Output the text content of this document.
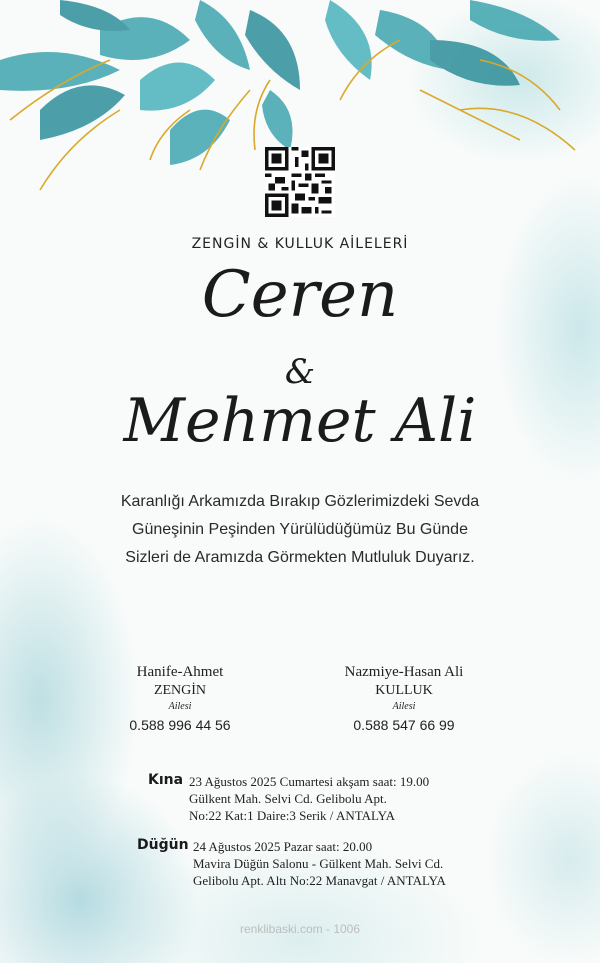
ZENGİN & KULLUK AİLELERİ
Ceren
&
Mehmet Ali
Karanlığı Arkamızda Bırakıp Gözlerimizdeki Sevda
Güneşinin Peşinden Yürülüdüğümüz Bu Günde
Sizleri de Aramızda Görmekten Mutluluk Duyarız.
Hanife-Ahmet
ZENGİN
Ailesi
0.588 996 44 56
Nazmiye-Hasan Ali
KULLUK
Ailesi
0.588 547 66 99
Kına 23 Ağustos 2025 Cumartesi akşam saat: 19.00
Gülkent Mah. Selvi Cd. Gelibolu Apt.
No:22 Kat:1 Daire:3 Serik / ANTALYA
Düğün 24 Ağustos 2025 Pazar saat: 20.00
Mavira Düğün Salonu - Gülkent Mah. Selvi Cd.
Gelibolu Apt. Altı No:22 Manavgat / ANTALYA
renklibaski.com - 1006
